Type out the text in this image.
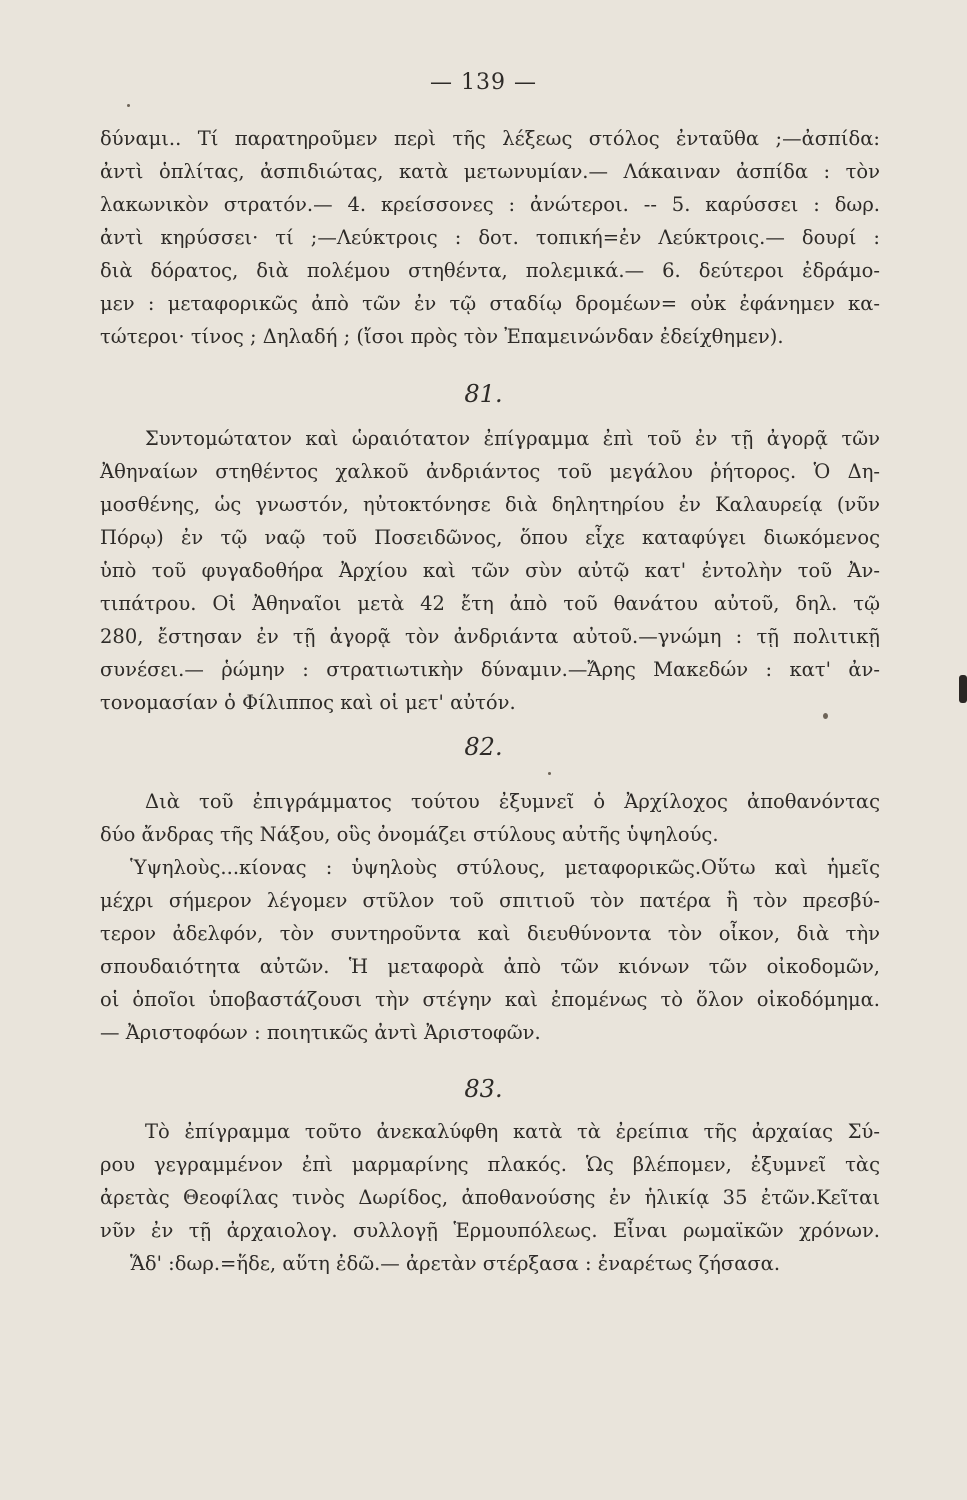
— 139 —
δύναμι.. Τί παρατηροῦμεν περὶ τῆς λέξεως στόλος ἐνταῦθα ;—ἀσπίδα:
ἀντὶ ὁπλίτας, ἀσπιδιώτας, κατὰ μετωνυμίαν.— Λάκαιναν ἀσπίδα : τὸν
λακωνικὸν στρατόν.— 4. κρείσσονες : ἀνώτεροι. -- 5. καρύσσει : δωρ.
ἀντὶ κηρύσσει· τί ;—Λεύκτροις : δοτ. τοπική=ἐν Λεύκτροις.— δουρί :
διὰ δόρατος, διὰ πολέμου στηθέντα, πολεμικά.— 6. δεύτεροι ἐδράμο-
μεν : μεταφορικῶς ἀπὸ τῶν ἐν τῷ σταδίῳ δρομέων= οὐκ ἐφάνημεν κα-
τώτεροι· τίνος ; Δηλαδή ; (ἴσοι πρὸς τὸν Ἐπαμεινώνδαν ἐδείχθημεν).
81.
Συντομώτατον καὶ ὡραιότατον ἐπίγραμμα ἐπὶ τοῦ ἐν τῇ ἀγορᾷ τῶν
Ἀθηναίων στηθέντος χαλκοῦ ἀνδριάντος τοῦ μεγάλου ῥήτορος. Ὁ Δη-
μοσθένης, ὡς γνωστόν, ηὐτοκτόνησε διὰ δηλητηρίου ἐν Καλαυρείᾳ (νῦν
Πόρῳ) ἐν τῷ ναῷ τοῦ Ποσειδῶνος, ὅπου εἶχε καταφύγει διωκόμενος
ὑπὸ τοῦ φυγαδοθήρα Ἀρχίου καὶ τῶν σὺν αὐτῷ κατ' ἐντολὴν τοῦ Ἀν-
τιπάτρου. Οἱ Ἀθηναῖοι μετὰ 42 ἔτη ἀπὸ τοῦ θανάτου αὐτοῦ, δηλ. τῷ
280, ἔστησαν ἐν τῇ ἀγορᾷ τὸν ἀνδριάντα αὐτοῦ.—γνώμη : τῇ πολιτικῇ
συνέσει.— ῥώμην : στρατιωτικὴν δύναμιν.—Ἄρης Μακεδών : κατ' ἀν-
τονομασίαν ὁ Φίλιππος καὶ οἱ μετ' αὐτόν.
82.
Διὰ τοῦ ἐπιγράμματος τούτου ἐξυμνεῖ ὁ Ἀρχίλοχος ἀποθανόντας
δύο ἄνδρας τῆς Νάξου, οὓς ὀνομάζει στύλους αὐτῆς ὑψηλούς.
Ὑψηλοὺς...κίονας : ὑψηλοὺς στύλους, μεταφορικῶς.Οὕτω καὶ ἡμεῖς
μέχρι σήμερον λέγομεν στῦλον τοῦ σπιτιοῦ τὸν πατέρα ἢ τὸν πρεσβύ-
τερον ἀδελφόν, τὸν συντηροῦντα καὶ διευθύνοντα τὸν οἶκον, διὰ τὴν
σπουδαιότητα αὐτῶν. Ἡ μεταφορὰ ἀπὸ τῶν κιόνων τῶν οἰκοδομῶν,
οἱ ὁποῖοι ὑποβαστάζουσι τὴν στέγην καὶ ἐπομένως τὸ ὅλον οἰκοδόμημα.
— Ἀριστοφόων : ποιητικῶς ἀντὶ Ἀριστοφῶν.
83.
Τὸ ἐπίγραμμα τοῦτο ἀνεκαλύφθη κατὰ τὰ ἐρείπια τῆς ἀρχαίας Σύ-
ρου γεγραμμένον ἐπὶ μαρμαρίνης πλακός. Ὡς βλέπομεν, ἐξυμνεῖ τὰς
ἀρετὰς Θεοφίλας τινὸς Δωρίδος, ἀποθανούσης ἐν ἡλικίᾳ 35 ἐτῶν.Κεῖται
νῦν ἐν τῇ ἀρχαιολογ. συλλογῇ Ἑρμουπόλεως. Εἶναι ρωμαϊκῶν χρόνων.
Ἅδ' :δωρ.=ἥδε, αὕτη ἐδῶ.— ἀρετὰν στέρξασα : ἐναρέτως ζήσασα.
